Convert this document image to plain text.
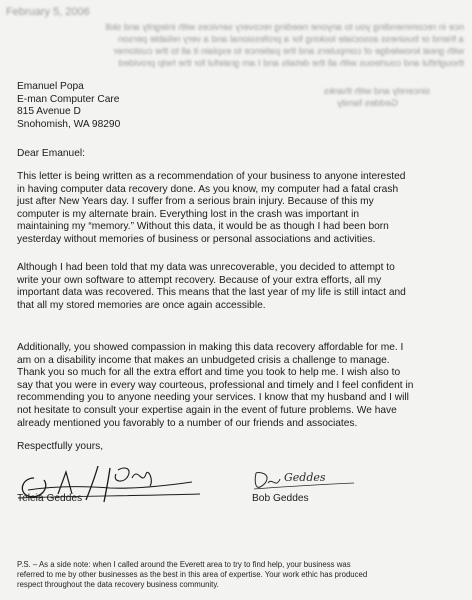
February 5, 2006
​nce in recommending you to anyone needing recovery services with integrity and skill
​a friend or business associate looking for a professional and a very reliable person
​with great knowledge of computers and the patience to explain it all to the customer
​thoughtful and courteous with all the details and I am grateful for the help provided
​sincerely and with thanks
​Geddes family
Emanuel Popa
E-man Computer Care
815 Avenue D
Snohomish, WA 98290
Dear Emanuel:
This letter is being written as a recommendation of your business to anyone interested
in having computer data recovery done. As you know, my computer had a fatal crash
just after New Years day. I suffer from a serious brain injury. Because of this my
computer is my alternate brain. Everything lost in the crash was important in
maintaining my “memory.” Without this data, it would be as though I had been born
yesterday without memories of business or personal associations and activities.
Although I had been told that my data was unrecoverable, you decided to attempt to
write your own software to attempt recovery. Because of your extra efforts, all my
important data was recovered. This means that the last year of my life is still intact and
that all my stored memories are once again accessible.
Additionally, you showed compassion in making this data recovery affordable for me. I
am on a disability income that makes an unbudgeted crisis a challenge to manage.
Thank you so much for all the extra effort and time you took to help me. I wish also to
say that you were in every way courteous, professional and timely and I feel confident in
recommending you to anyone needing your services. I know that my husband and I will
not hesitate to consult your expertise again in the event of future problems. We have
already mentioned you favorably to a number of our friends and associates.
Respectfully yours,
Geddes
Teleia Geddes	Bob Geddes
P.S. – As a side note: when I called around the Everett area to try to find help, your business was
referred to me by other businesses as the best in this area of expertise. Your work ethic has produced
respect throughout the data recovery business community.
